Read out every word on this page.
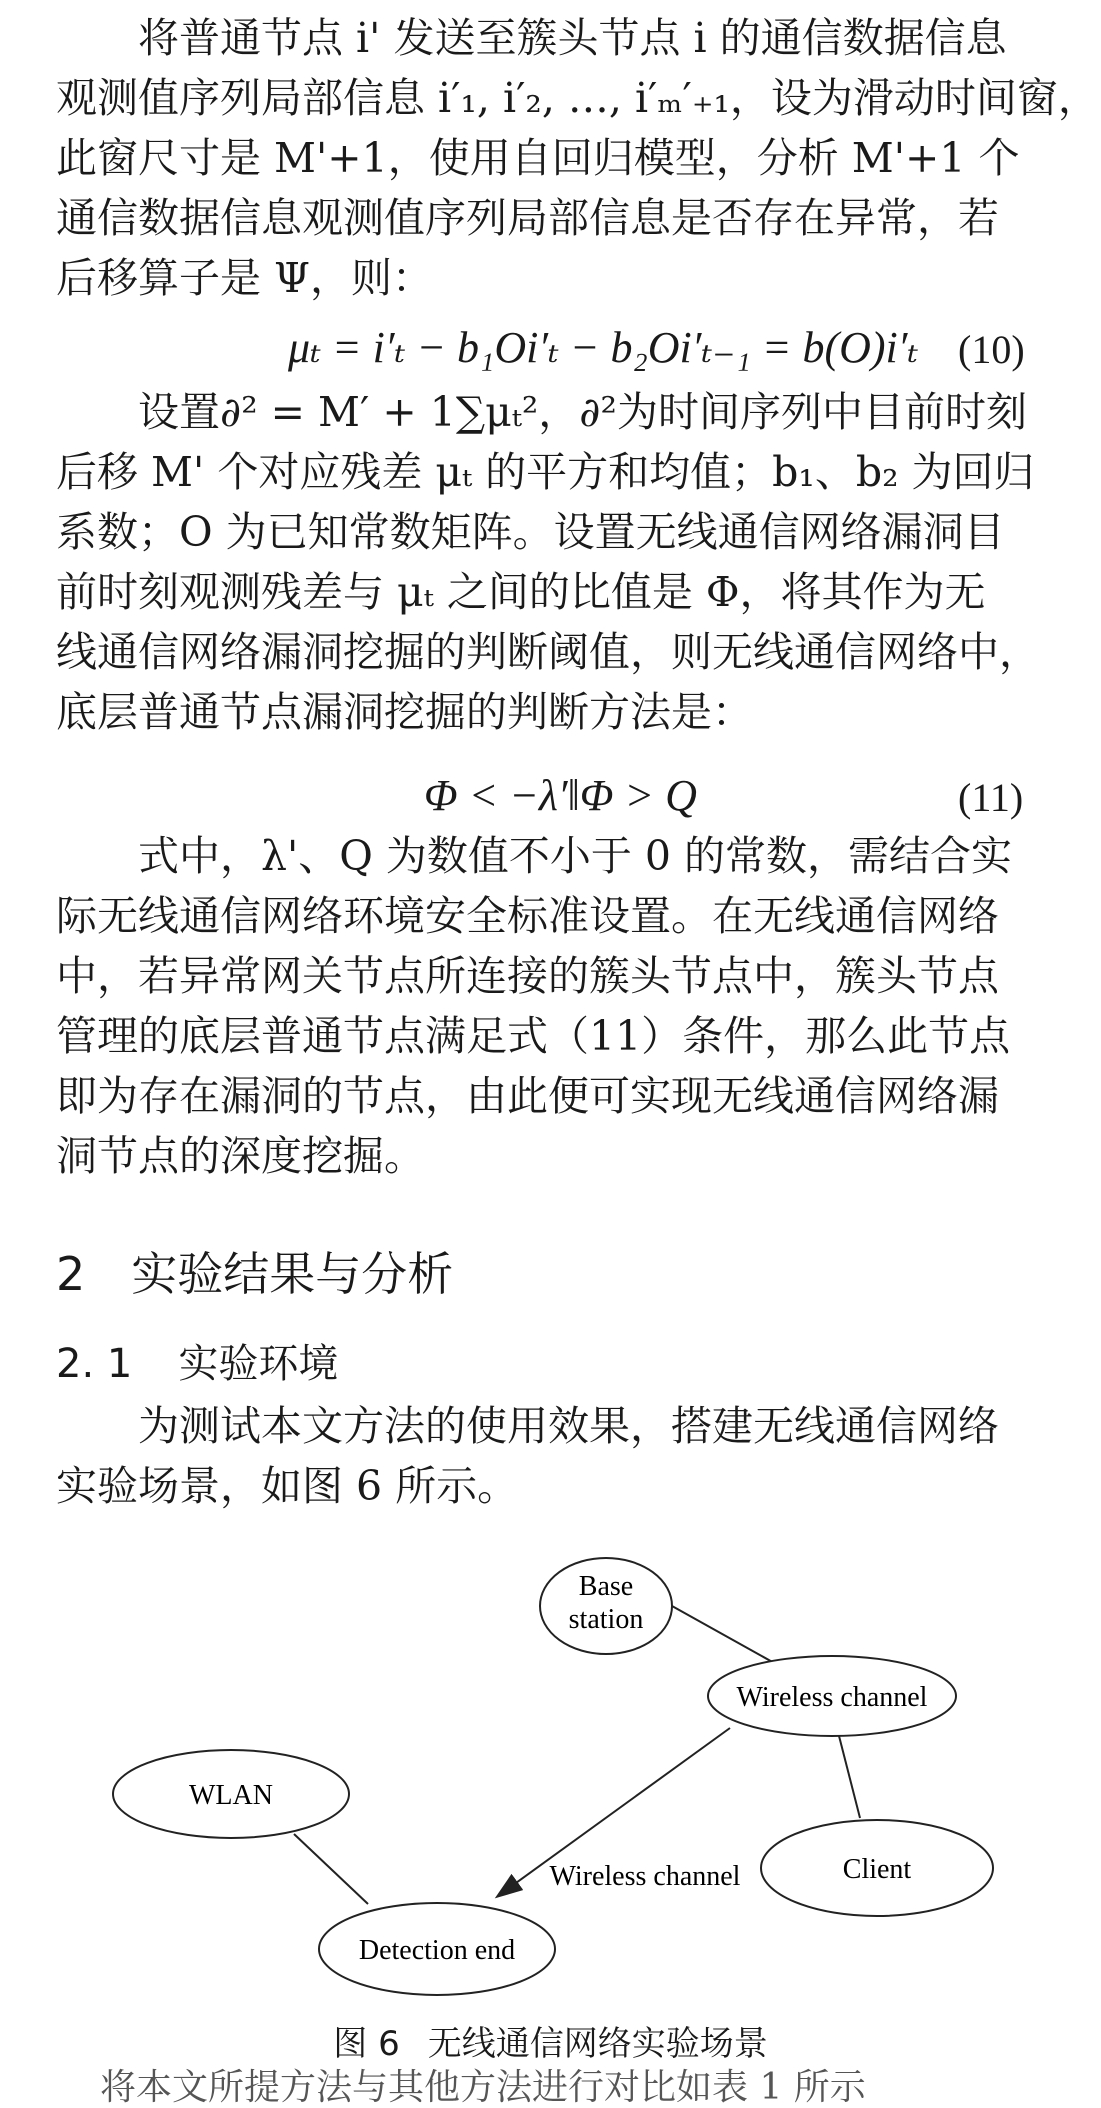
将普通节点 i' 发送至簇头节点 i 的通信数据信息
观测值序列局部信息 i′₁, i′₂, …, i′ₘ′₊₁，设为滑动时间窗，
此窗尺寸是 M'+1，使用自回归模型，分析 M'+1 个
通信数据信息观测值序列局部信息是否存在异常，若
后移算子是 Ψ，则：
μₜ = i′ₜ − b₁Oi′ₜ − b₂Oi′ₜ₋₁ = b(O)i′ₜ (10)
设置∂² = M′ + 1∑μₜ²，∂²为时间序列中目前时刻
后移 M' 个对应残差 μₜ 的平方和均值；b₁、b₂ 为回归
系数；O 为已知常数矩阵。设置无线通信网络漏洞目
前时刻观测残差与 μₜ 之间的比值是 Φ，将其作为无
线通信网络漏洞挖掘的判断阈值，则无线通信网络中，
底层普通节点漏洞挖掘的判断方法是：
Φ < −λ′‖Φ > Q	(11)
式中，λ'、Q 为数值不小于 0 的常数，需结合实
际无线通信网络环境安全标准设置。在无线通信网络
中，若异常网关节点所连接的簇头节点中，簇头节点
管理的底层普通节点满足式（11）条件，那么此节点
即为存在漏洞的节点，由此便可实现无线通信网络漏
洞节点的深度挖掘。
2 实验结果与分析
2. 1 实验环境
为测试本文方法的使用效果，搭建无线通信网络
实验场景，如图 6 所示。
Base
station
Wireless channel
WLAN
Client
Detection end
Wireless channel
图 6 无线通信网络实验场景
将本文所提方法与其他方法进行对比如表 1 所示
